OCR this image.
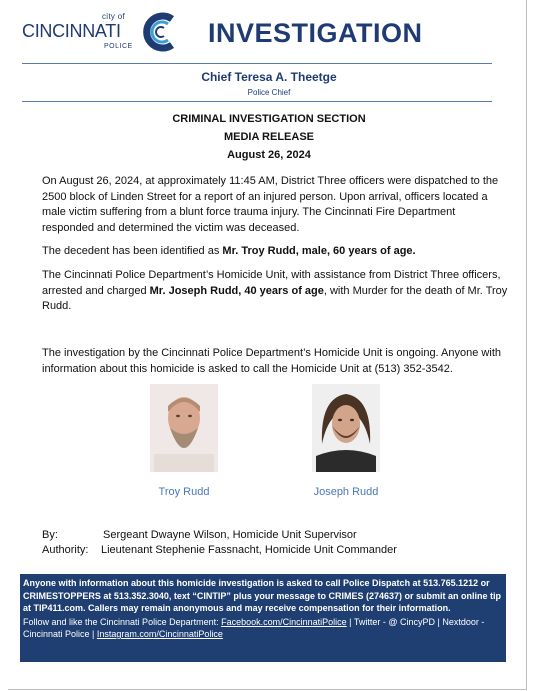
city of
CINCINNATI
POLICE	INVESTIGATION
Chief Teresa A. Theetge
Police Chief
CRIMINAL INVESTIGATION SECTION
MEDIA RELEASE
August 26, 2024
On August 26, 2024, at approximately 11:45 AM, District Three officers were dispatched to the 2500 block of Linden Street for a report of an injured person. Upon arrival, officers located a male victim suffering from a blunt force trauma injury. The Cincinnati Fire Department responded and determined the victim was deceased.
The decedent has been identified as Mr. Troy Rudd, male, 60 years of age.
The Cincinnati Police Department’s Homicide Unit, with assistance from District Three officers, arrested and charged Mr. Joseph Rudd, 40 years of age, with Murder for the death of Mr. Troy Rudd.
The investigation by the Cincinnati Police Department’s Homicide Unit is ongoing. Anyone with information about this homicide is asked to call the Homicide Unit at (513) 352-3542.
Troy Rudd	Joseph Rudd
By:	Sergeant Dwayne Wilson, Homicide Unit Supervisor
Authority: Lieutenant Stephenie Fassnacht, Homicide Unit Commander
Anyone with information about this homicide investigation is asked to call Police Dispatch at 513.765.1212 or CRIMESTOPPERS at 513.352.3040, text “CINTIP” plus your message to CRIMES (274637) or submit an online tip at TIP411.com. Callers may remain anonymous and may receive compensation for their information.
Follow and like the Cincinnati Police Department: Facebook.com/CincinnatiPolice | Twitter - @ CincyPD | Nextdoor - Cincinnati Police | Instagram.com/CincinnatiPolice
